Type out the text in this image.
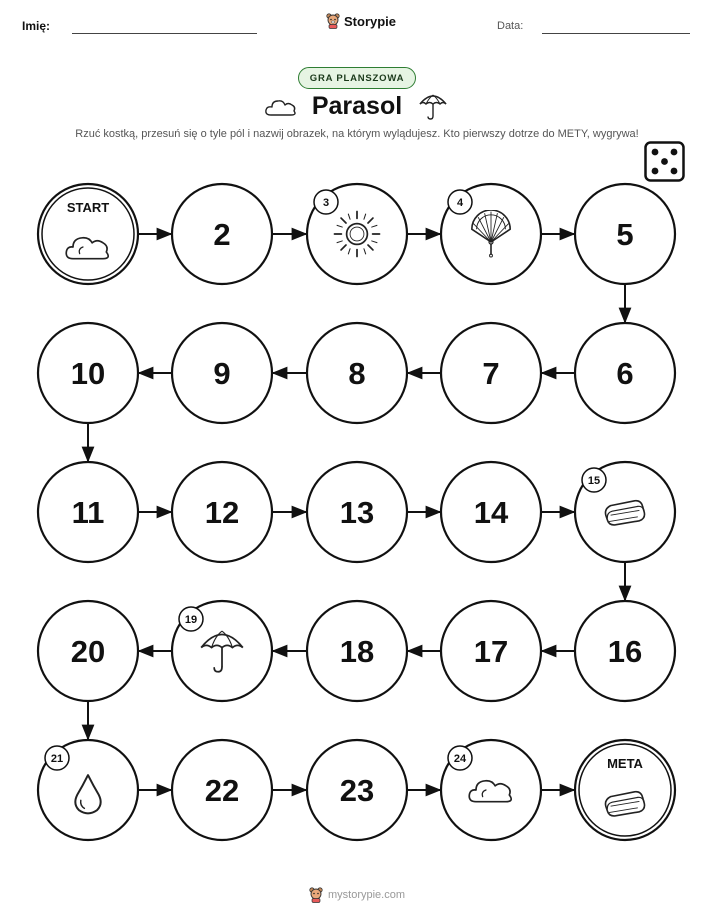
Imię:	Storypie	Data:
GRA PLANSZOWA
Parasol
Rzuć kostką, przesuń się o tyle pól i nazwij obrazek, na którym wylądujesz. Kto pierwszy dotrze do METY, wygrywa!
START
2
3	4
5
6
7
8
9
10
11	12	13	14
15
16
17
18
19
20
21
22	23
24	META
mystorypie.com
